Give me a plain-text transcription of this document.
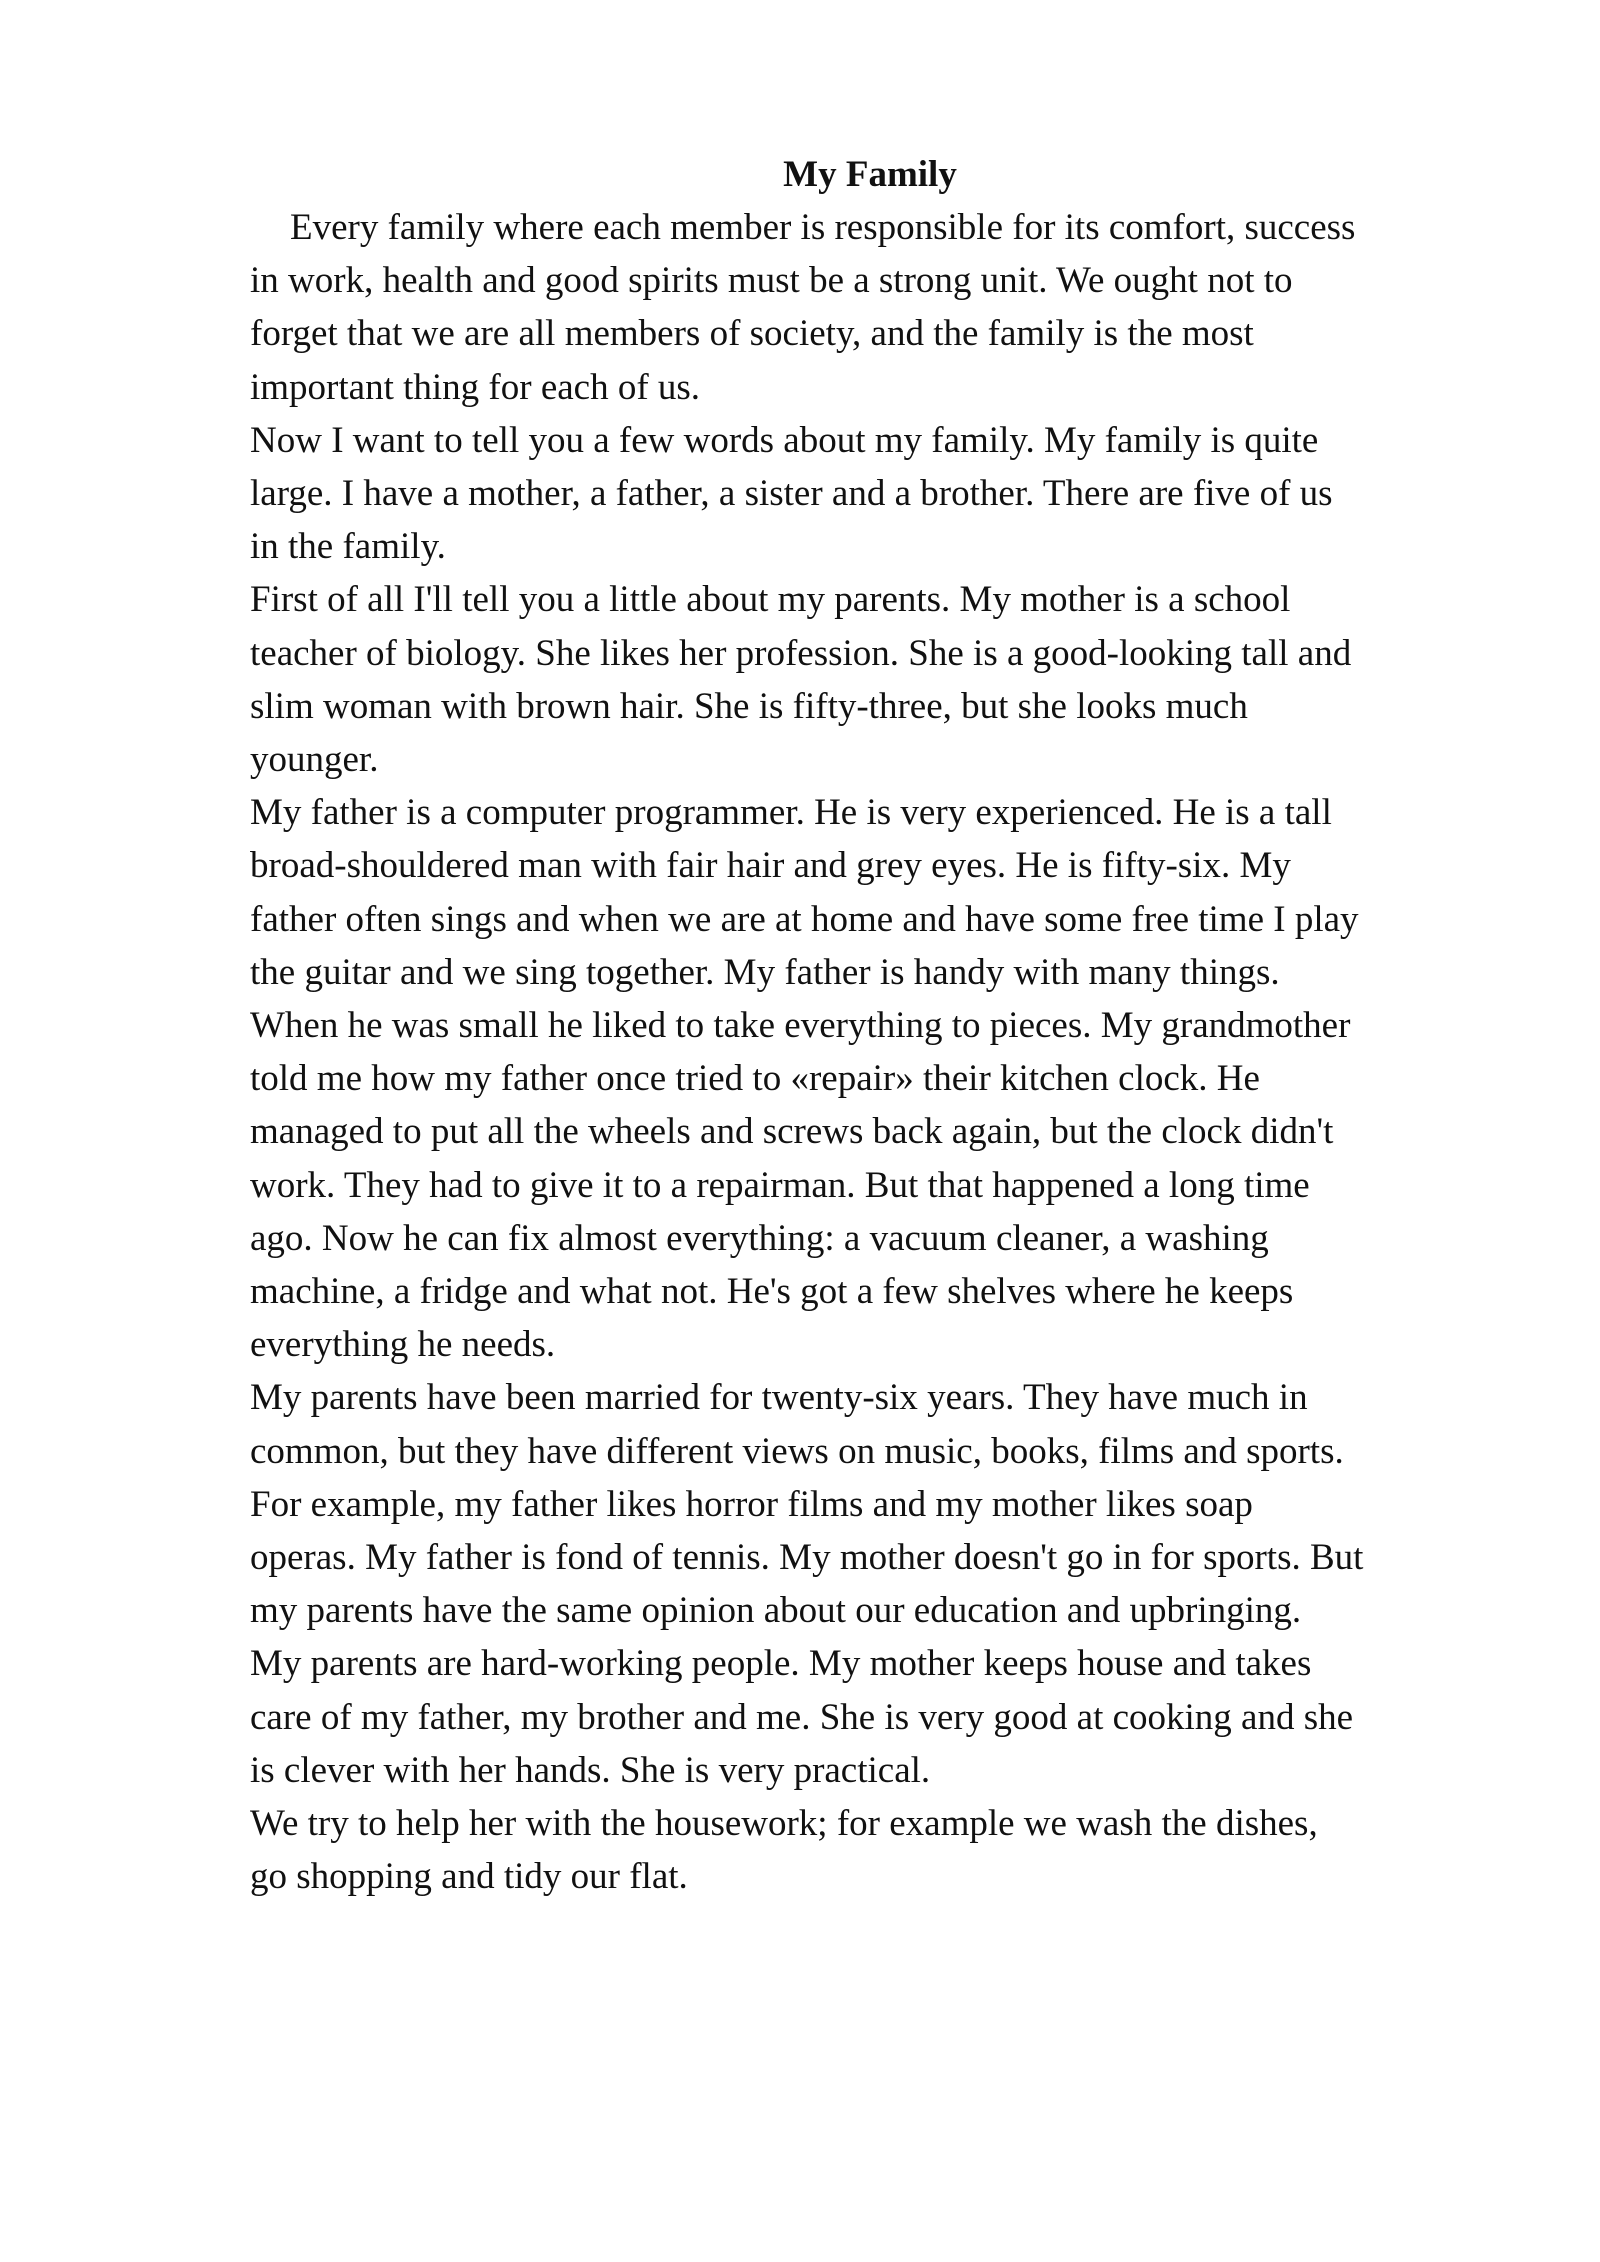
My Family

Every family where each member is responsible for its comfort, success
in work, health and good spirits must be a strong unit. We ought not to
forget that we are all members of society, and the family is the most
important thing for each of us.

Now I want to tell you a few words about my family. My family is quite
large. I have a mother, a father, a sister and a brother. There are five of us
in the family.

First of all I'll tell you a little about my parents. My mother is a school
teacher of biology. She likes her profession. She is a good-looking tall and
slim woman with brown hair. She is fifty-three, but she looks much
younger.

My father is a computer programmer. He is very experienced. He is a tall
broad-shouldered man with fair hair and grey eyes. He is fifty-six. My
father often sings and when we are at home and have some free time I play
the guitar and we sing together. My father is handy with many things.
When he was small he liked to take everything to pieces. My grandmother
told me how my father once tried to «repair» their kitchen clock. He
managed to put all the wheels and screws back again, but the clock didn't
work. They had to give it to a repairman. But that happened a long time
ago. Now he can fix almost everything: a vacuum cleaner, a washing
machine, a fridge and what not. He's got a few shelves where he keeps
everything he needs.

My parents have been married for twenty-six years. They have much in
common, but they have different views on music, books, films and sports.
For example, my father likes horror films and my mother likes soap
operas. My father is fond of tennis. My mother doesn't go in for sports. But
my parents have the same opinion about our education and upbringing.

My parents are hard-working people. My mother keeps house and takes
care of my father, my brother and me. She is very good at cooking and she
is clever with her hands. She is very practical.

We try to help her with the housework; for example we wash the dishes,
go shopping and tidy our flat.
